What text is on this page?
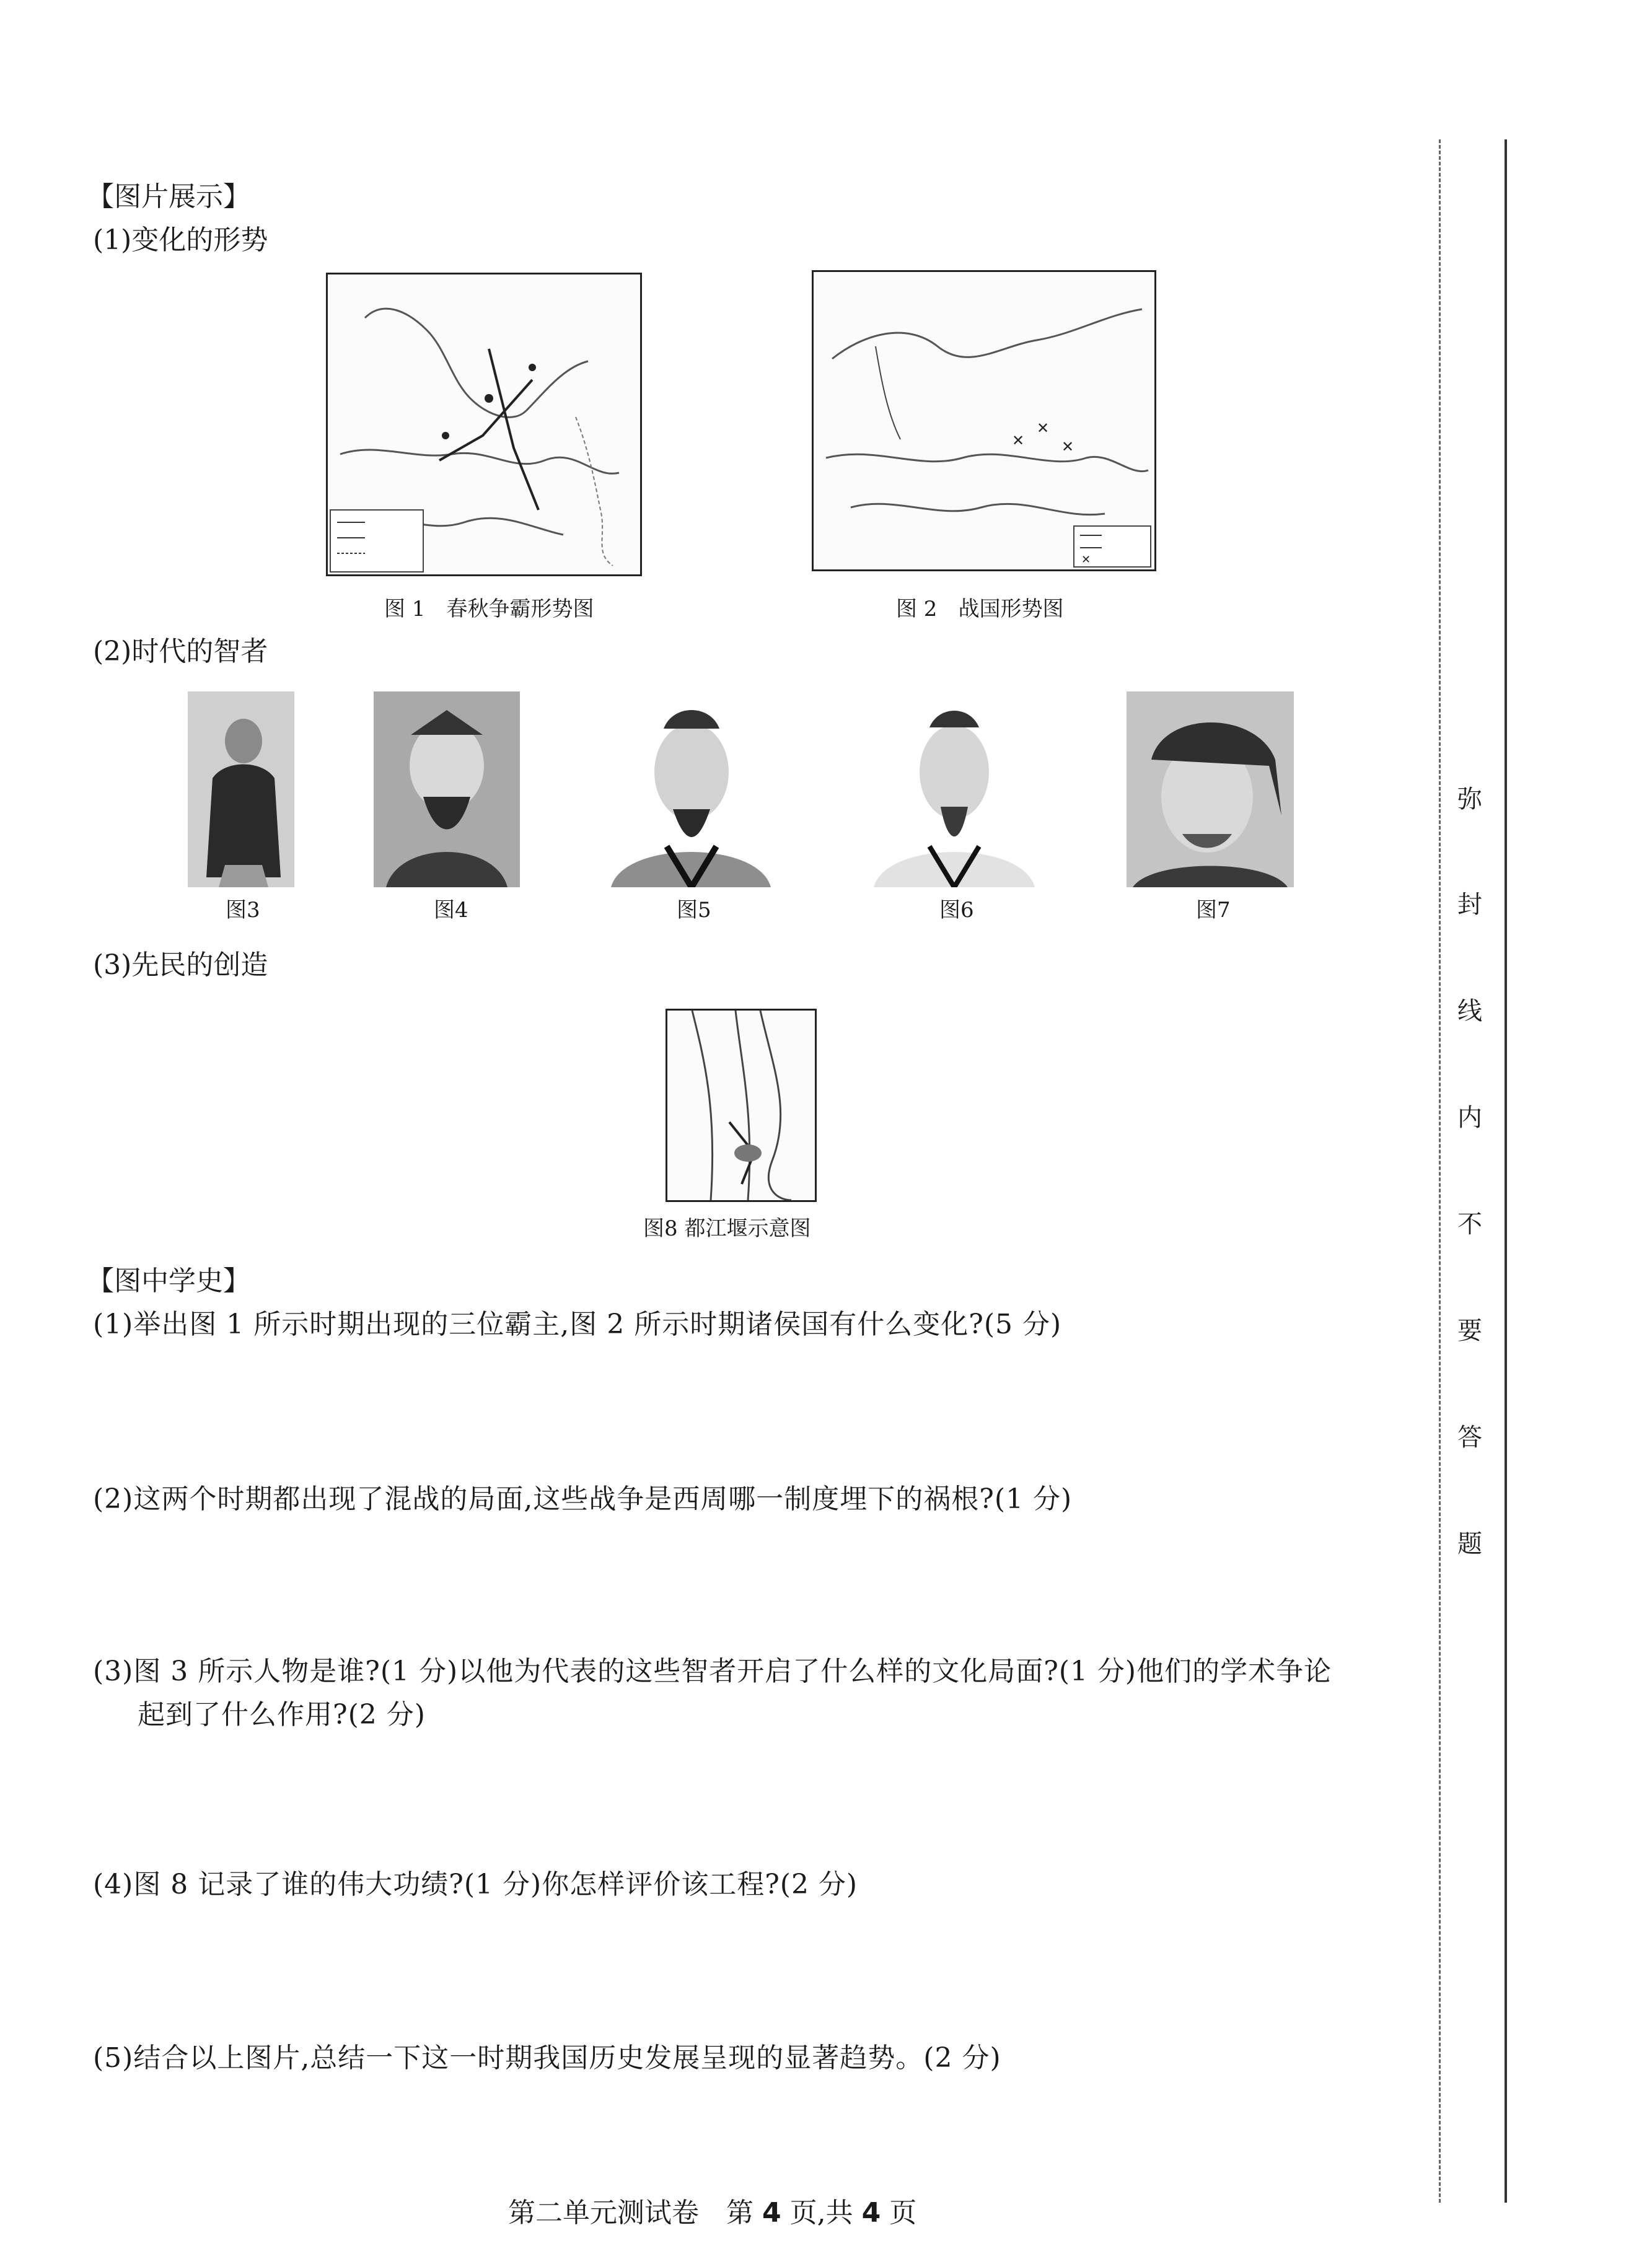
【图片展示】
(1)变化的形势
图 1　春秋争霸形势图
✕
✕
✕
✕
图 2　战国形势图
(2)时代的智者
图3	图4	图5	图6	图7
(3)先民的创造
图8 都江堰示意图
【图中学史】
(1)举出图 1 所示时期出现的三位霸主,图 2 所示时期诸侯国有什么变化?(5 分)
(2)这两个时期都出现了混战的局面,这些战争是西周哪一制度埋下的祸根?(1 分)
(3)图 3 所示人物是谁?(1 分)以他为代表的这些智者开启了什么样的文化局面?(1 分)他们的学术争论
起到了什么作用?(2 分)
(4)图 8 记录了谁的伟大功绩?(1 分)你怎样评价该工程?(2 分)
(5)结合以上图片,总结一下这一时期我国历史发展呈现的显著趋势。(2 分)
弥
封
线
内
不
要
答
题
第二单元测试卷　第 4 页,共 4 页
